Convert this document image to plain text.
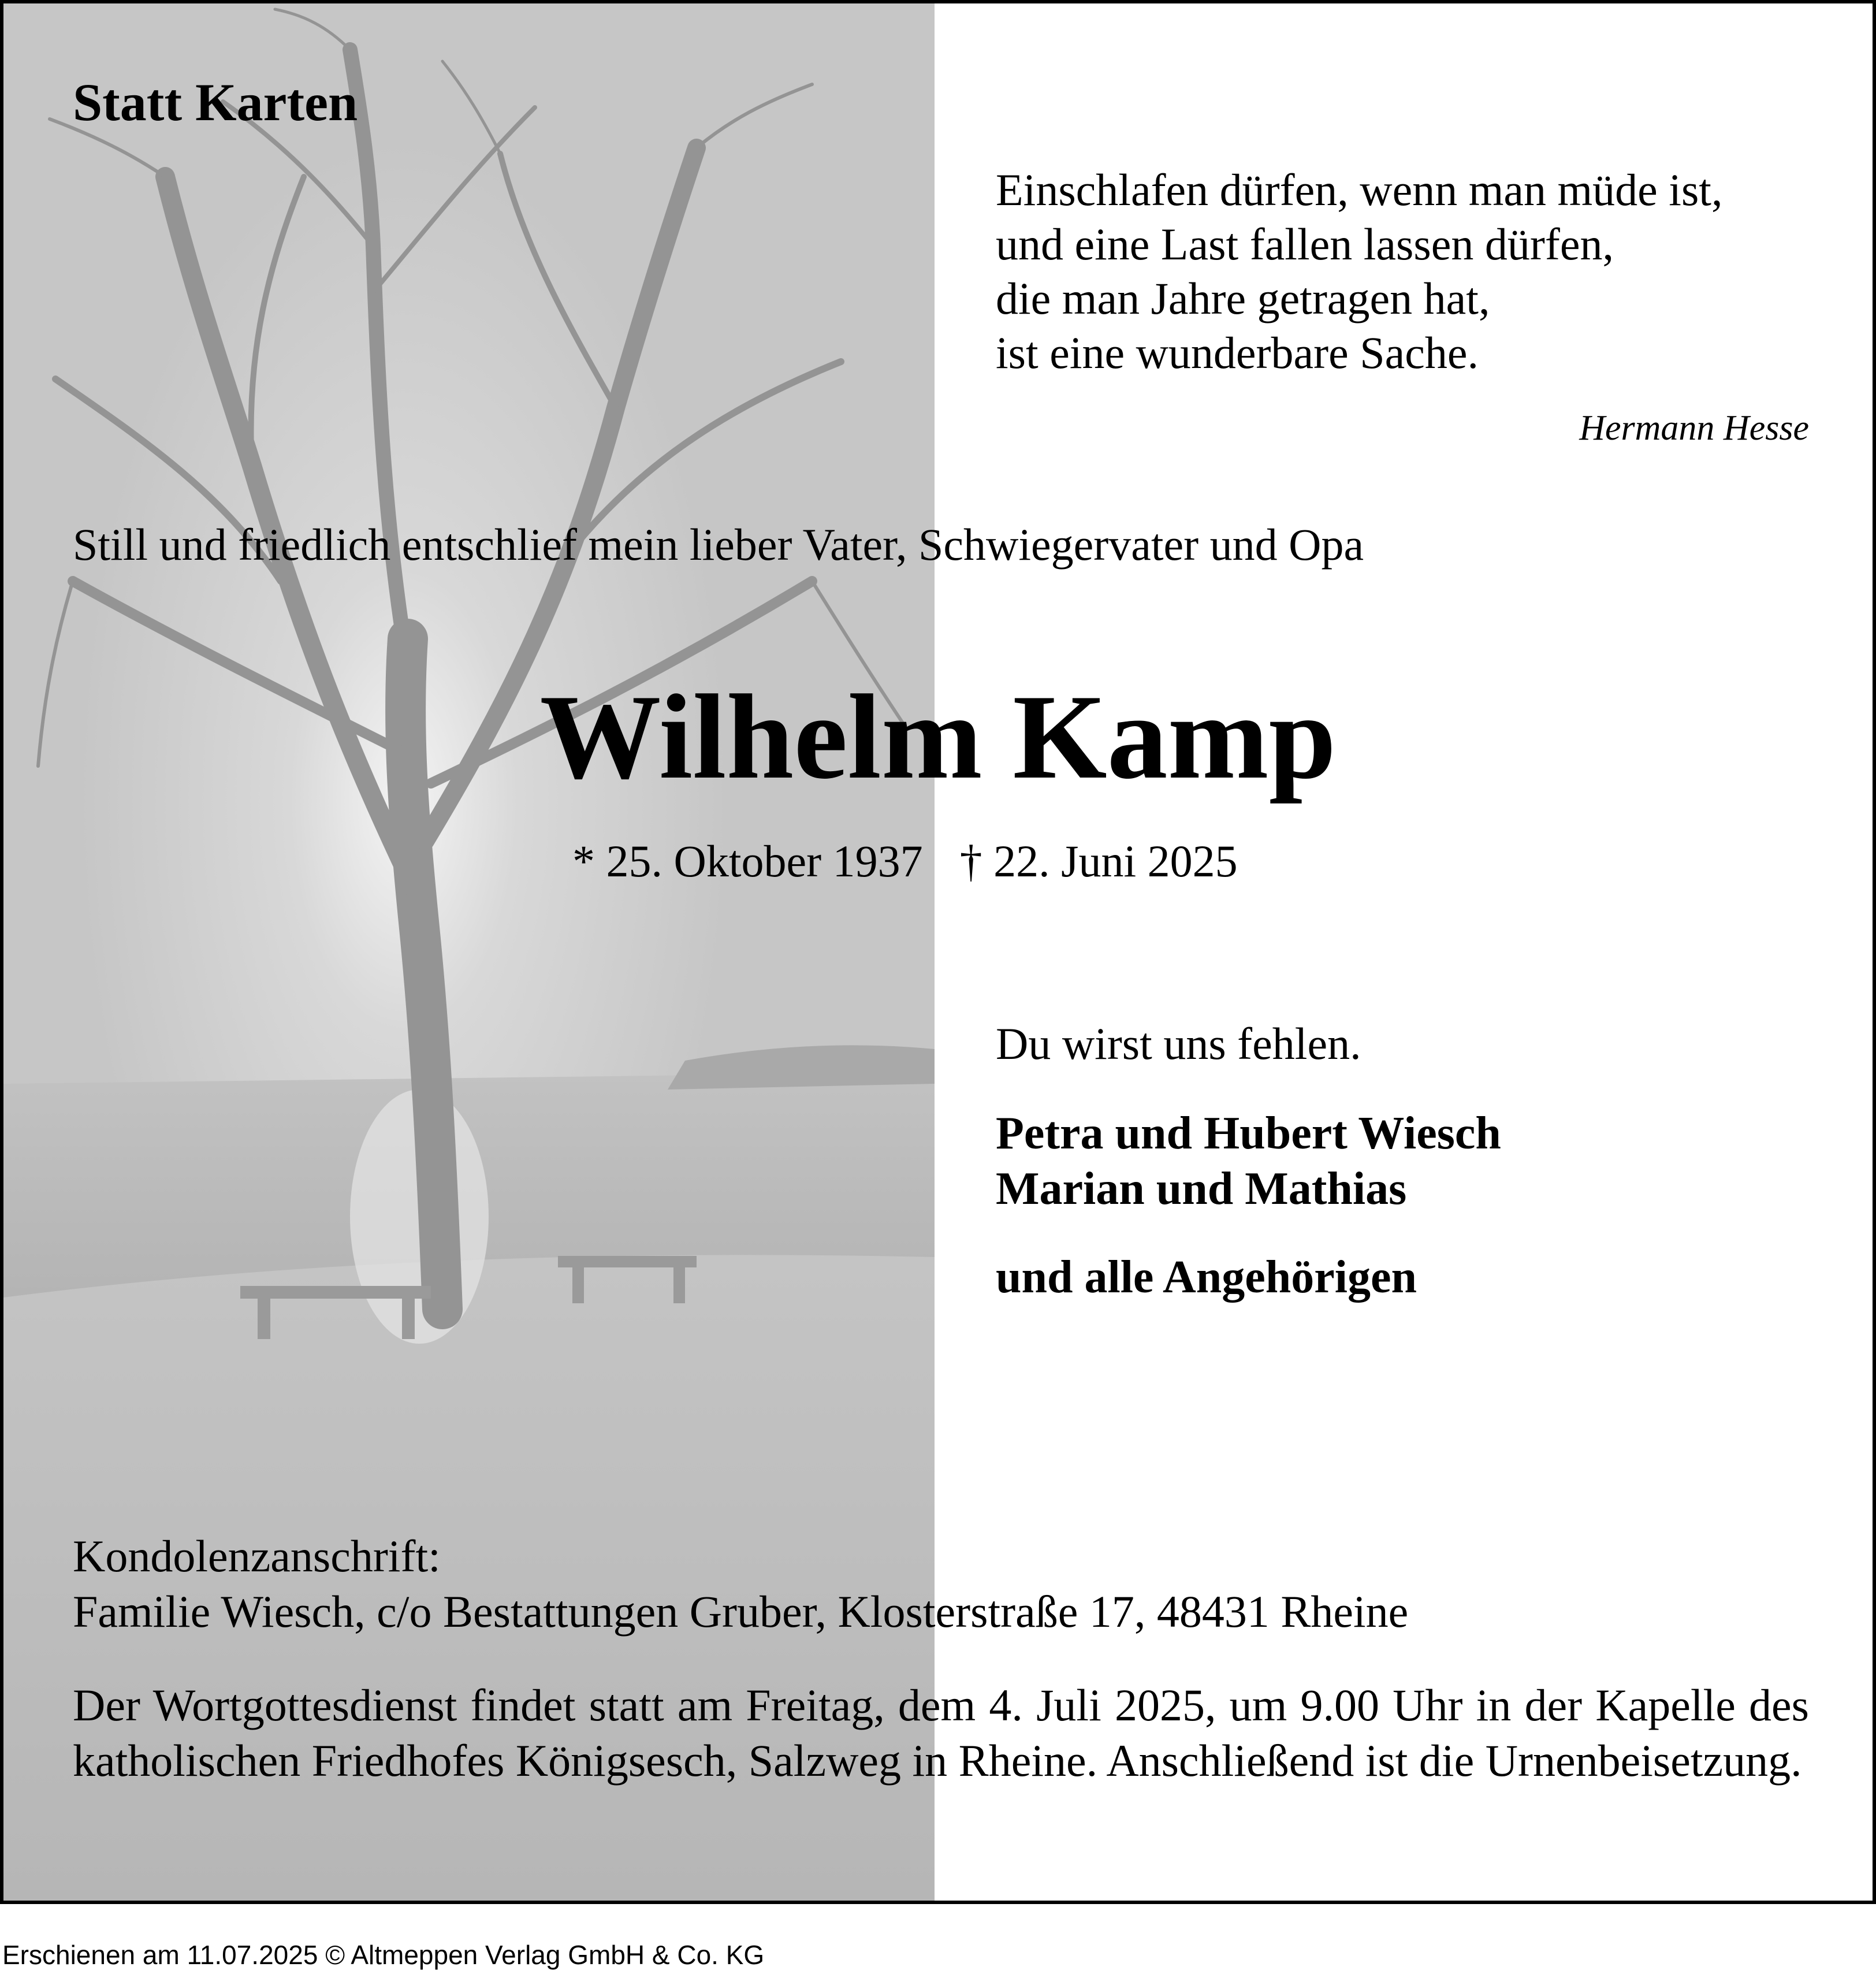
Statt Karten
Einschlafen dürfen, wenn man müde ist,
und eine Last fallen lassen dürfen,
die man Jahre getragen hat,
ist eine wunderbare Sache.
Hermann Hesse

Still und friedlich entschlief mein lieber Vater, Schwiegervater und Opa

Wilhelm Kamp
* 25. Oktober 1937 † 22. Juni 2025

Du wirst uns fehlen.

Petra und Hubert Wiesch
Marian und Mathias
und alle Angehörigen
Kondolenzanschrift:
Familie Wiesch, c/o Bestattungen Gruber, Klosterstraße 17, 48431 Rheine

Der Wortgottesdienst findet statt am Freitag, dem 4. Juli 2025, um 9.00 Uhr in der Kapelle des katholischen Friedhofes Königsesch, Salzweg in Rheine. Anschließend ist die Urnenbeisetzung.

Erschienen am 11.07.2025 © Altmeppen Verlag GmbH & Co. KG
